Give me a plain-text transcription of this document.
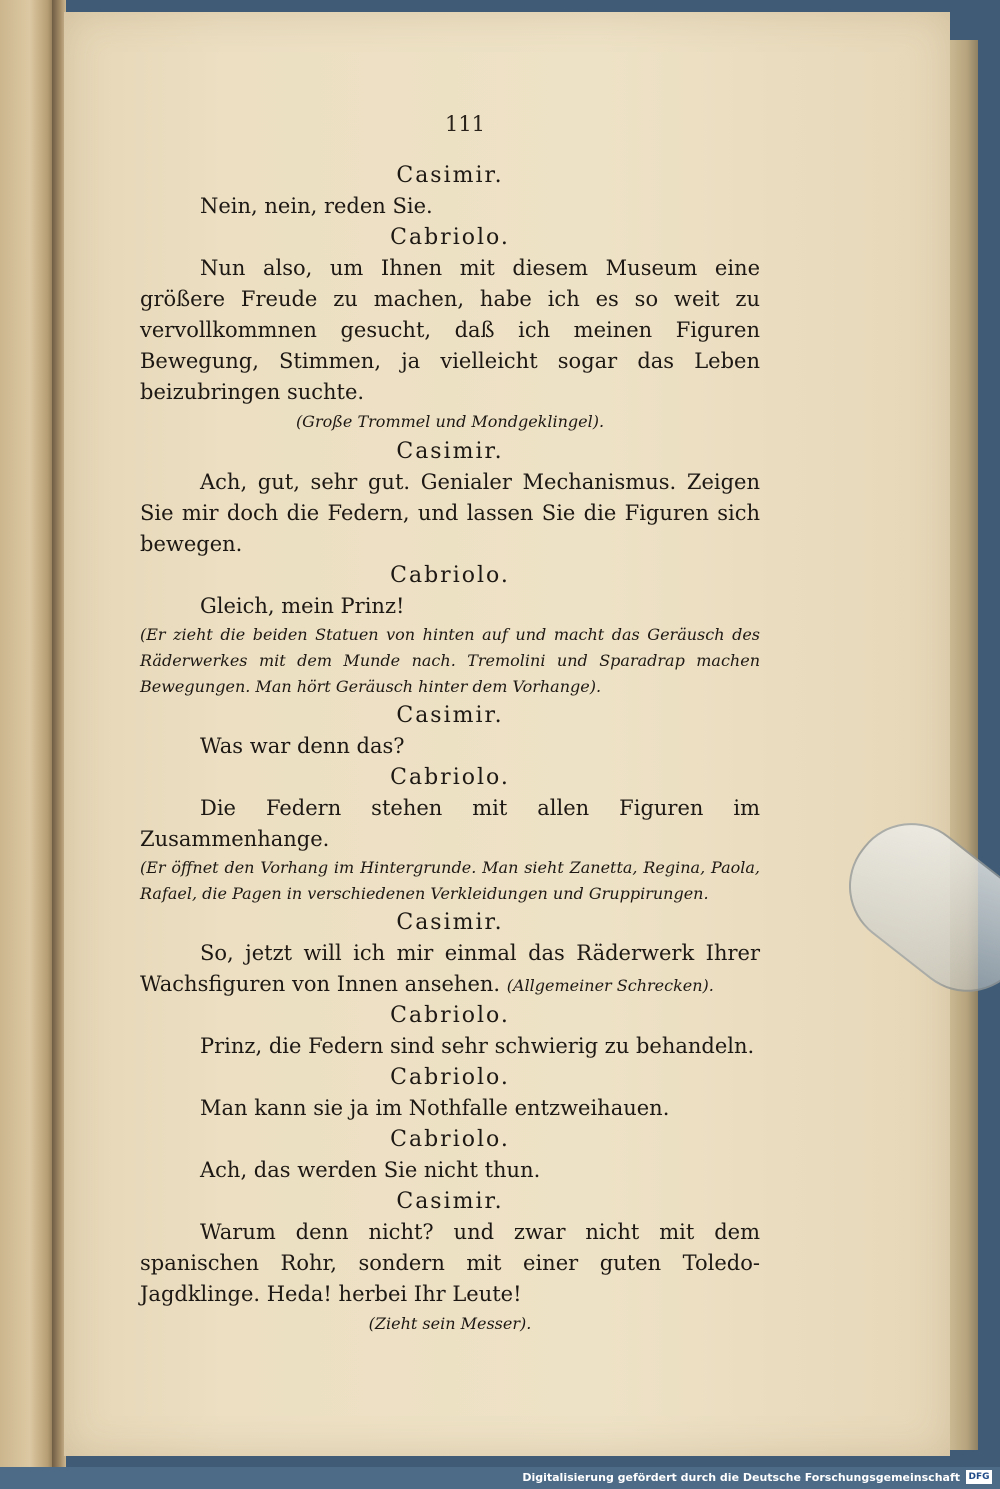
111

Casimir.

Nein, nein, reden Sie.

Cabriolo.

Nun also, um Ihnen mit diesem Museum eine größere Freude zu machen, habe ich es so weit zu vervollkommnen gesucht, daß ich meinen Figuren Bewegung, Stimmen, ja vielleicht sogar das Leben beizubringen suchte.

(Große Trommel und Mondgeklingel).

Casimir.

Ach, gut, sehr gut. Genialer Mechanismus. Zeigen Sie mir doch die Federn, und lassen Sie die Figuren sich bewegen.

Cabriolo.

Gleich, mein Prinz!

(Er zieht die beiden Statuen von hinten auf und macht das Geräusch des Räderwerkes mit dem Munde nach. Tremolini und Sparadrap machen Bewegungen. Man hört Geräusch hinter dem Vorhange).

Casimir.

Was war denn das?

Cabriolo.

Die Federn stehen mit allen Figuren im Zusammenhange.

(Er öffnet den Vorhang im Hintergrunde. Man sieht Zanetta, Regina, Paola, Rafael, die Pagen in verschiedenen Verkleidungen und Gruppirungen.

Casimir.

So, jetzt will ich mir einmal das Räderwerk Ihrer Wachsfiguren von Innen ansehen. (Allgemeiner Schrecken).

Cabriolo.

Prinz, die Federn sind sehr schwierig zu behandeln.

Cabriolo.

Man kann sie ja im Nothfalle entzweihauen.

Cabriolo.

Ach, das werden Sie nicht thun.

Casimir.

Warum denn nicht? und zwar nicht mit dem spanischen Rohr, sondern mit einer guten Toledo-Jagdklinge. Heda! herbei Ihr Leute!

(Zieht sein Messer).

Digitalisierung gefördert durch die Deutsche Forschungsgemeinschaft DFG
